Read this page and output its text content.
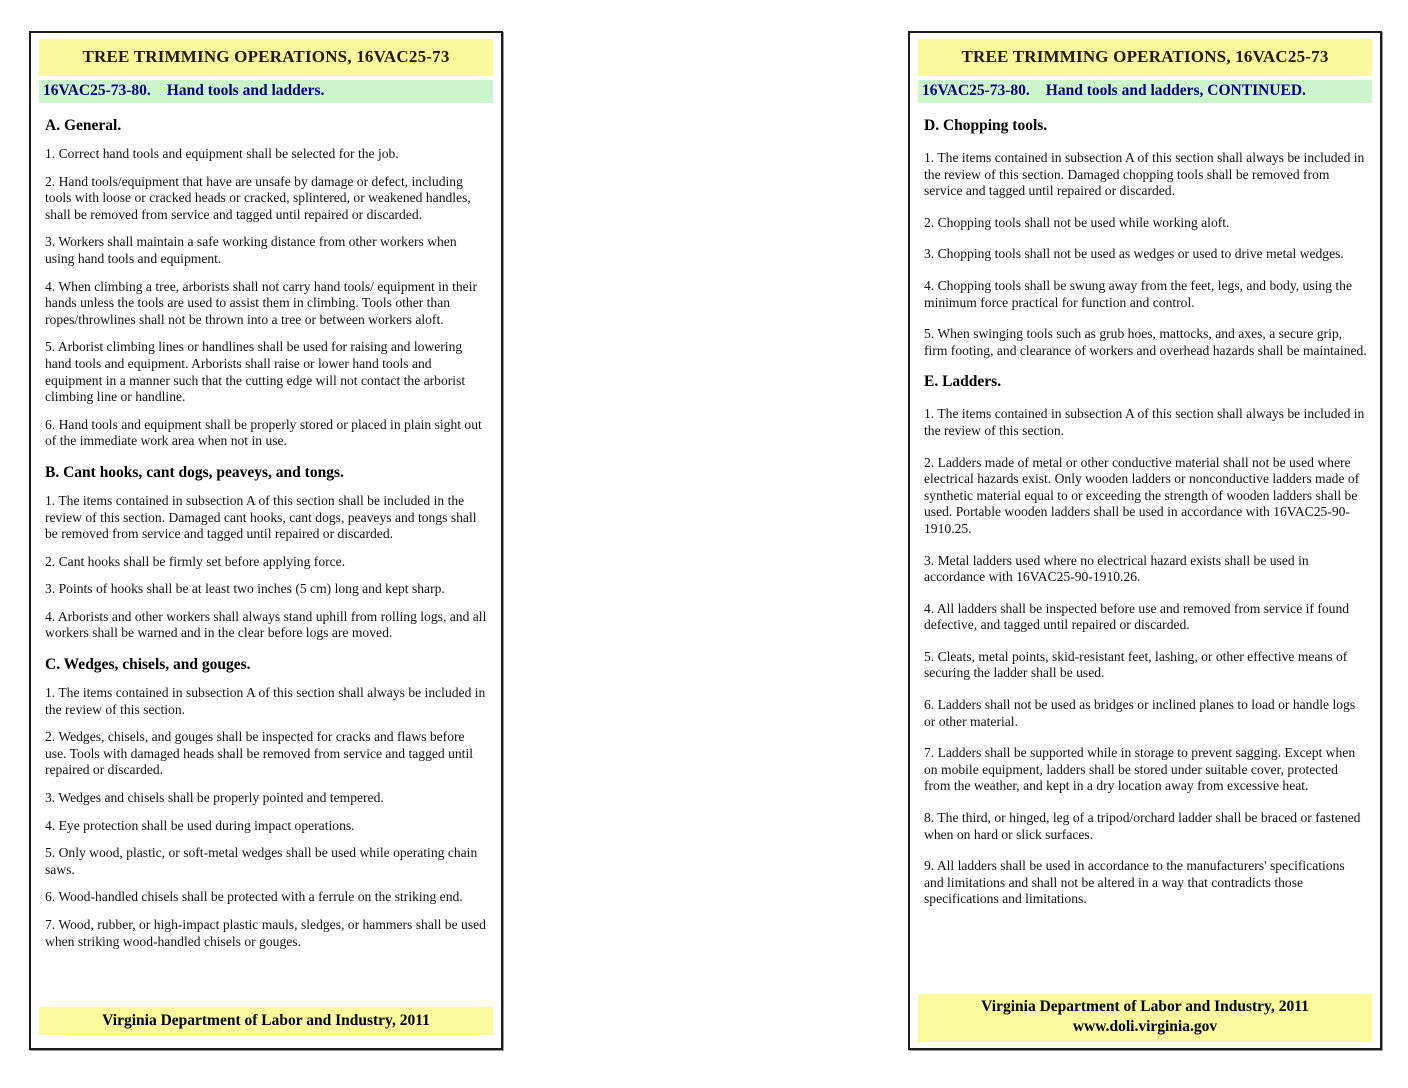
TREE TRIMMING OPERATIONS, 16VAC25-73
16VAC25-73-80. Hand tools and ladders.
A. General.

1. Correct hand tools and equipment shall be selected for the job.

2. Hand tools/equipment that have are unsafe by damage or defect, including tools with loose or cracked heads or cracked, splintered, or weakened handles, shall be removed from service and tagged until repaired or discarded.

3. Workers shall maintain a safe working distance from other workers when using hand tools and equipment.

4. When climbing a tree, arborists shall not carry hand tools/ equipment in their hands unless the tools are used to assist them in climbing. Tools other than ropes/throwlines shall not be thrown into a tree or between workers aloft.

5. Arborist climbing lines or handlines shall be used for raising and lowering hand tools and equipment. Arborists shall raise or lower hand tools and equipment in a manner such that the cutting edge will not contact the arborist climbing line or handline.

6. Hand tools and equipment shall be properly stored or placed in plain sight out of the immediate work area when not in use.

B. Cant hooks, cant dogs, peaveys, and tongs.

1. The items contained in subsection A of this section shall be included in the review of this section. Damaged cant hooks, cant dogs, peaveys and tongs shall be removed from service and tagged until repaired or discarded.

2. Cant hooks shall be firmly set before applying force.

3. Points of hooks shall be at least two inches (5 cm) long and kept sharp.

4. Arborists and other workers shall always stand uphill from rolling logs, and all workers shall be warned and in the clear before logs are moved.

C. Wedges, chisels, and gouges.

1. The items contained in subsection A of this section shall always be included in the review of this section.

2. Wedges, chisels, and gouges shall be inspected for cracks and flaws before use. Tools with damaged heads shall be removed from service and tagged until repaired or discarded.

3. Wedges and chisels shall be properly pointed and tempered.

4. Eye protection shall be used during impact operations.

5. Only wood, plastic, or soft-metal wedges shall be used while operating chain saws.

6. Wood-handled chisels shall be protected with a ferrule on the striking end.

7. Wood, rubber, or high-impact plastic mauls, sledges, or hammers shall be used when striking wood-handled chisels or gouges.

Virginia Department of Labor and Industry, 2011
TREE TRIMMING OPERATIONS, 16VAC25-73
16VAC25-73-80. Hand tools and ladders, CONTINUED.
D. Chopping tools.

1. The items contained in subsection A of this section shall always be included in the review of this section. Damaged chopping tools shall be removed from service and tagged until repaired or discarded.

2. Chopping tools shall not be used while working aloft.

3. Chopping tools shall not be used as wedges or used to drive metal wedges.

4. Chopping tools shall be swung away from the feet, legs, and body, using the minimum force practical for function and control.

5. When swinging tools such as grub hoes, mattocks, and axes, a secure grip, firm footing, and clearance of workers and overhead hazards shall be maintained.

E. Ladders.

1. The items contained in subsection A of this section shall always be included in the review of this section.

2. Ladders made of metal or other conductive material shall not be used where electrical hazards exist. Only wooden ladders or nonconductive ladders made of synthetic material equal to or exceeding the strength of wooden ladders shall be used. Portable wooden ladders shall be used in accordance with 16VAC25-90-1910.25.

3. Metal ladders used where no electrical hazard exists shall be used in accordance with 16VAC25-90-1910.26.

4. All ladders shall be inspected before use and removed from service if found defective, and tagged until repaired or discarded.

5. Cleats, metal points, skid-resistant feet, lashing, or other effective means of securing the ladder shall be used.

6. Ladders shall not be used as bridges or inclined planes to load or handle logs or other material.

7. Ladders shall be supported while in storage to prevent sagging. Except when on mobile equipment, ladders shall be stored under suitable cover, protected from the weather, and kept in a dry location away from excessive heat.

8. The third, or hinged, leg of a tripod/orchard ladder shall be braced or fastened when on hard or slick surfaces.

9. All ladders shall be used in accordance to the manufacturers' specifications and limitations and shall not be altered in a way that contradicts those specifications and limitations.

Virginia Department of Labor and Industry, 2011
www.doli.virginia.gov
